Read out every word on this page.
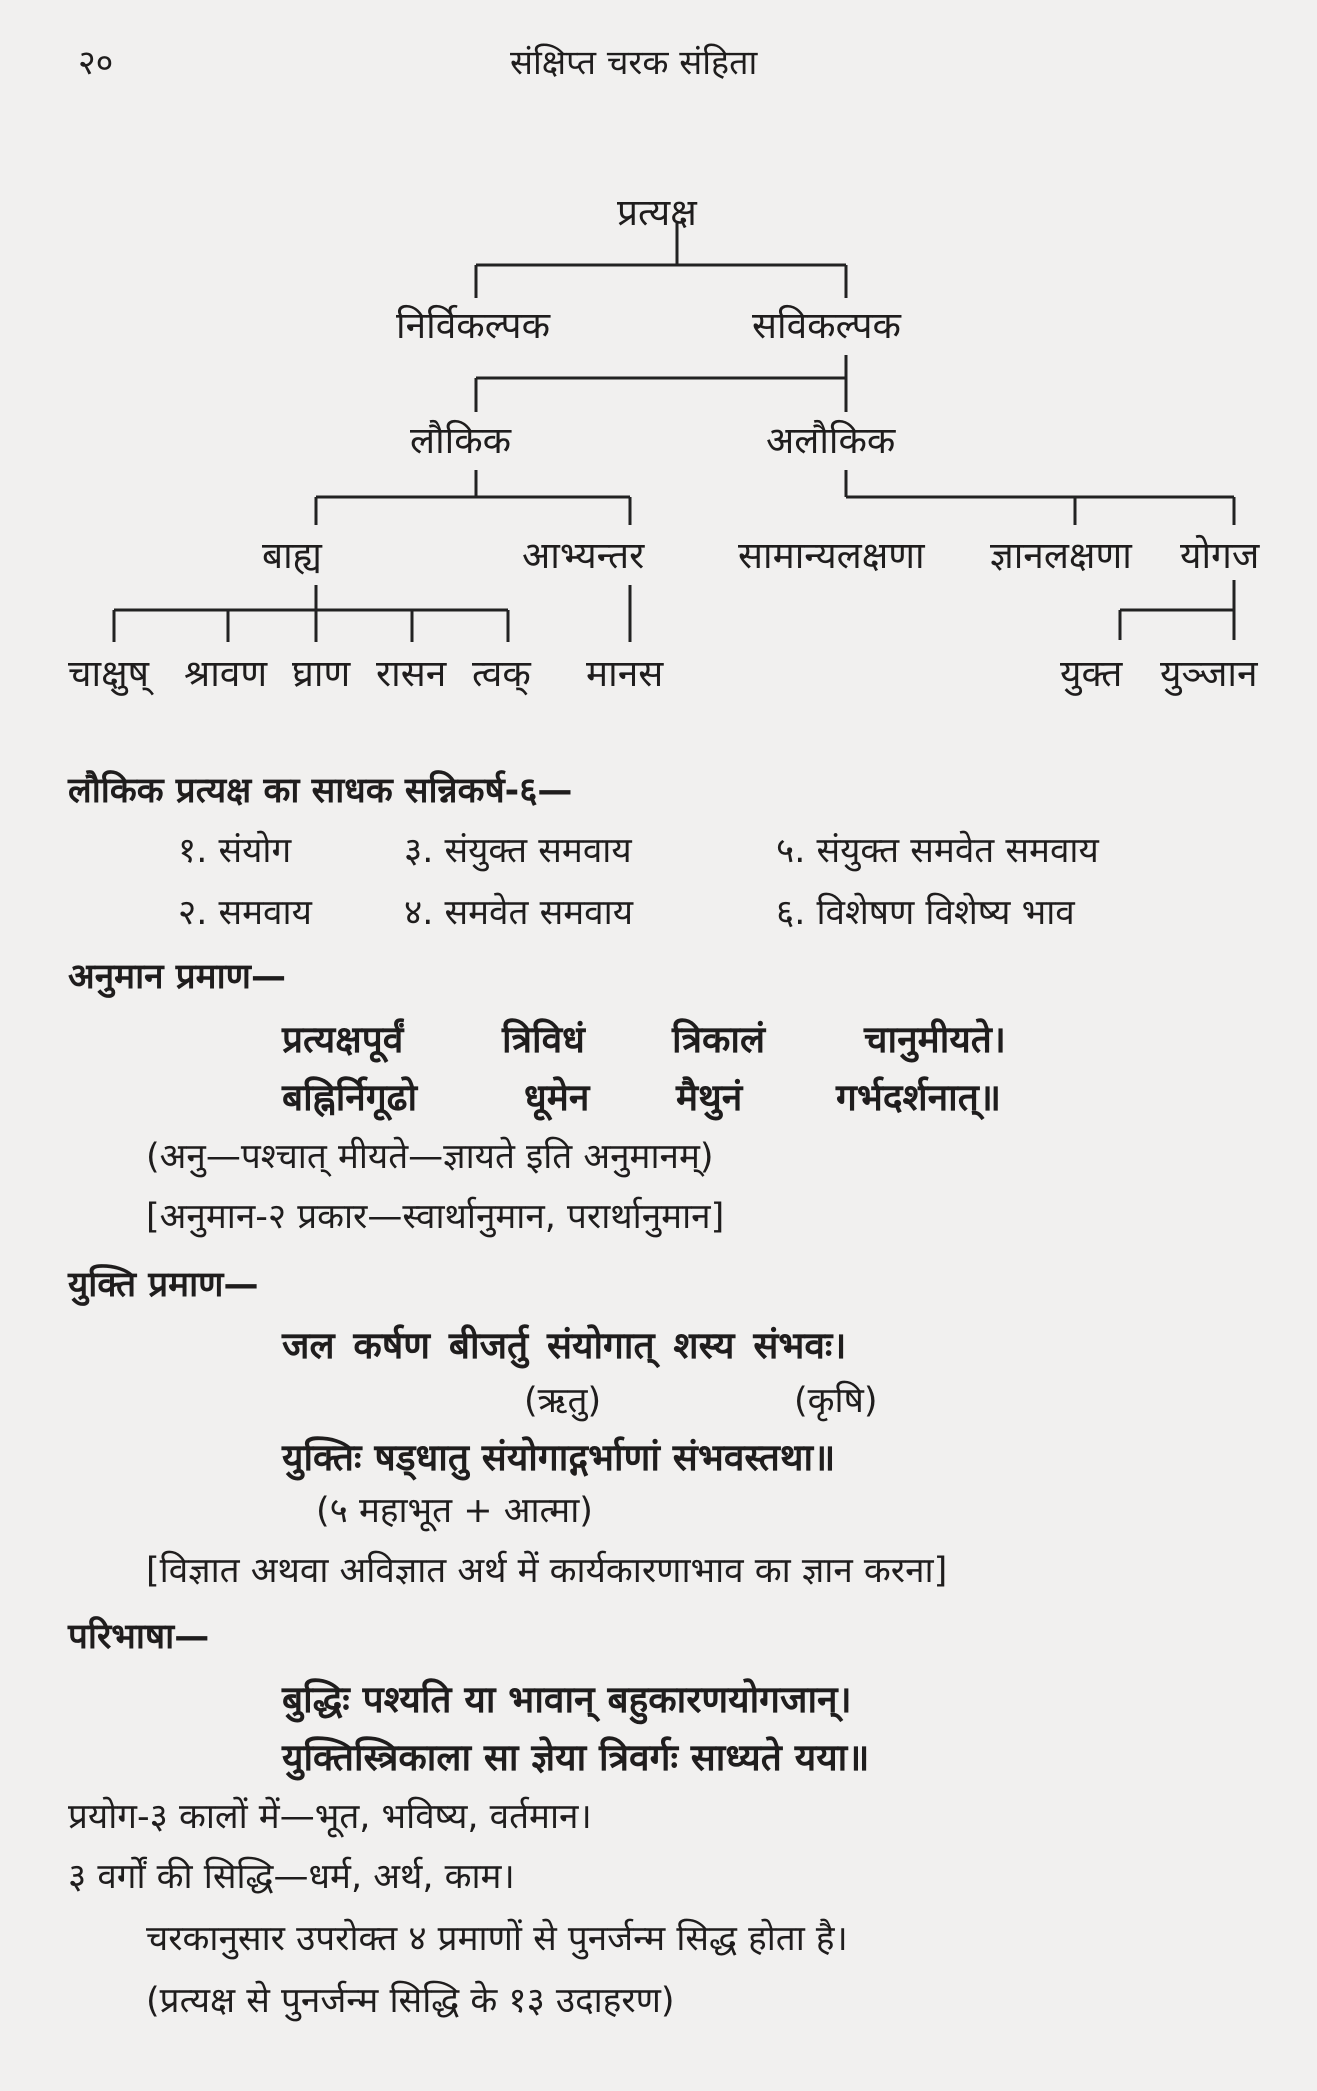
२०	संक्षिप्त चरक संहिता
प्रत्यक्ष
निर्विकल्पक	सविकल्पक
लौकिक	अलौकिक
बाह्य	आभ्यन्तर	सामान्यलक्षणा ज्ञानलक्षणा योगज
चाक्षुष् श्रावण घ्राण रासन त्वक् मानस	युक्त युञ्जान
लौकिक प्रत्यक्ष का साधक सन्निकर्ष-६—
१. संयोग	३. संयुक्त समवाय	५. संयुक्त समवेत समवाय
२. समवाय	४. समवेत समवाय	६. विशेषण विशेष्य भाव
अनुमान प्रमाण—
प्रत्यक्षपूर्वं	त्रिविधं त्रिकालं	चानुमीयते।
बह्निर्निगूढो	धूमेन मैथुनं	गर्भदर्शनात्॥
(अनु—पश्चात् मीयते—ज्ञायते इति अनुमानम्)
[अनुमान-२ प्रकार—स्वार्थानुमान, परार्थानुमान]
युक्ति प्रमाण—
जल कर्षण बीजर्तु संयोगात् शस्य संभवः।
(ऋतु)	(कृषि)
युक्तिः षड्धातु संयोगाद्गर्भाणां संभवस्तथा॥
(५ महाभूत + आत्मा)
[विज्ञात अथवा अविज्ञात अर्थ में कार्यकारणाभाव का ज्ञान करना]
परिभाषा—
बुद्धिः पश्यति या भावान् बहुकारणयोगजान्।
युक्तिस्त्रिकाला सा ज्ञेया त्रिवर्गः साध्यते यया॥
प्रयोग-३ कालों में—भूत, भविष्य, वर्तमान।
३ वर्गों की सिद्धि—धर्म, अर्थ, काम।
चरकानुसार उपरोक्त ४ प्रमाणों से पुनर्जन्म सिद्ध होता है।
(प्रत्यक्ष से पुनर्जन्म सिद्धि के १३ उदाहरण)
